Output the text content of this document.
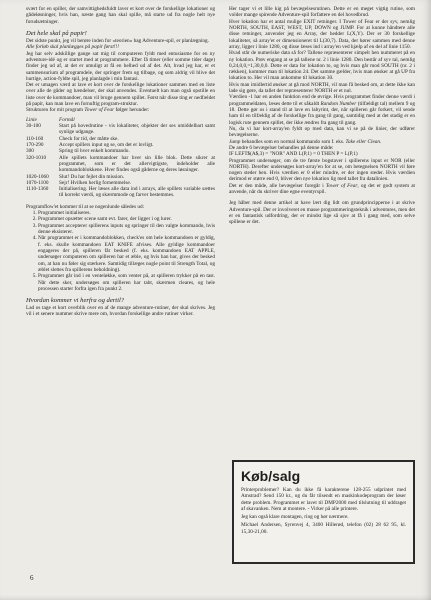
svært for en spiller, der samvittighedsfuldt laver et kort over de forskellige lokationer og gådeløsninger, hvis han, næste gang han skal spille, må starte ud fra nogle helt nye forudsætninger.

Det hele skal på papir!

Det sidste punkt, jeg vil berøre inden for »teorien« bag Adventure-spil, er planlægning.

Alle forløb skal planlægges på papir først!!!

Jeg har selv adskillige gange sat mig til computeren fyldt med entusiasme for en ny adventure-idé og er startet med at programmere. Efter få timer (eller somme tider dage) finder jeg ud af, at det er umuligt at få en helhed ud af det. Alt, hvad jeg har, er et sammensurium af programdele, der springer frem og tilbage, og som aldrig vil blive det hurtige, action-fyldte spil, jeg planlagde i min fantasi.

Det er umagen værd at lave et kort over de forskellige lokationer sammen med en liste over alle de gåder og hændelser, der skal anvendes. Eventuelt kan man også opstille en liste over de kommandoer, man vil bruge gennem spillet. Først når disse ting er nedfældet på papir, kan man lave en fornuftig program-struktur.

Strukturen for mit program Tower of Fear følger herunder:

Linie	Formål
30-100	Start på hovedrutine - vis lokaliteter, objekter der ses umiddelbart samt synlige udgange.
110-160	Check for tid, der måtte ske.
170-290	Accept spillers input og se, om det er lovligt.
300	Spring til hver enkelt kommando.
320-1010	Alle spillets kommandoer har hver sin lille blok. Dette sikrer at programmet, som er det allervigtigste, indeholder alle kommandoblokkene. Hver findes også gåderne og deres løsninger.
1020-1060	Slut! Du har fejlet din mission.
1070-1100	Sejr! Hvilken herlig fornemmelse.
1110-1360	Initialisering. Her læses alle data ind i arrays, alle spillets variable sættes til korrekt værdi, og skærmmode og farver bestemmes.

Programflow'et kommer til at se nogenlunde således ud:

1. Programmet initialiseres.
2. Programmet opsætter scene samt evt. farer, der ligger i og lurer.
3. Programmet accepterer spillerens inputs og springer til den valgte kommando, hvis denne eksisterer.
4. Når programmet er i kommandoblokken, check'es om hele kommandoen er gyldig, f. eks. skulle kommandoen EAT KNIFE afvises. Alle gyldige kommandoer engageres der på, spilleren får besked (f. eks. kommandoen EAT APPLE, undersøger computeren om spilleren har et æble, og hvis han har, gives der besked om, at han nu føler sig stærkere. Samtidig tillæges nogle point til Strength Total, og æblet slettes fra spillerens beholdning).
5. Programmet går ind i en venteløkke, som venter på, at spilleren trykker på en tast. Når dette sker, undersøges om spilleren har tabt, skærmen cleares, og hele processen starter forfra igen fra punkt 2.

Hvordan kommer vi herfra og dertil?

Lad os tage et kort overblik over en af de mange adventure-rutiner, der skal skrives. Jeg vil i et senere nummer skrive mere om, hvordan forskellige andre rutiner virker.

Her tager vi et lille kig på bevægelsesrutinen. Dette er en meget vigtig rutine, som volder mange spirende Adventure-spil forfattere en del hovedbrud.

Hver lokation har et antal mulige EXIT retninger. I Tower of Fear er der syv, nemlig NORTH, SOUTH, EAST, WEST, UP, DOWN og JUMP. For at kunne håndtere alle disse retninger, anvender jeg en Array, der hedder L(X,Y). Der er 30 forskellige lokaliteter, så array'et er dimensioneret til L(30,7). Data, der hører sammen med denne array, ligger i linie 1280, og disse læses ind i array'en ved hjælp af en del af linie 1150.

Hvad står de numeriske data så for? Tallene repræsenterer simpelt hen nummeret på en ny lokation. Prøv engang at se på tallene nr. 2 i linie 1280. Den består af syv tal, nemlig 0,24,0,0,=1,30,0,0. Dette er data for lokation to, og hvis man går mod SOUTH (nr. 2 i rækken), kommer man til lokation 24. Det samme gælder, hvis man ønsker at gå UP fra lokation to. Her vil man ankomme til lokation 30.

Hvis man imidlertid ønsker at gå mod NORTH, vil man få besked om, at dette ikke kan lade sig gøre, da tallet der repræsenterer NORTH er et nul.

Værdien -1 har en anden funktion end de øvrige. Hvis programmet finder denne værdi i programmeldaten, læses dette til et såkaldt Random Number (tilfældigt tal) mellem 9 og 18. Dette gør os i stand til at lave en labyrint, der, når spilleren går forkert, vil sende ham til en tilfældig af de forskellige fra gang til gang, samtidig med at det stadig er en logisk rute gennem spillet, der ikke ændres fra gang til gang.

Nu, da vi har kort-array'en fyldt op med data, kan vi se på de linier, der udfører bevægelserne.

Jump behandles som en normal kommando som f. eks. Take eller Clean.

De andre 6 bevægelser behandles på denne måde:

IF LEFT$(A$,3) = "NOR" AND L(P,1) = 0 THEN P = L(P,1)

Programmet undersøger, om de tre første bogstaver i spillerens input er NOR (eller NORTH). Derefter undersøges kort-array'en for at se, om betegnelsen NORTH vil føre nogen steder hen. Hvis værdien er 0 eller mindre, er der ingen steder. Hvis værdien derimod er større end 0, bliver den nye lokation lig med tallet fra datalinien.

Det er den måde, alle bevægelser foregår i Tower of Fear, og det er godt system at anvende, når du skriver dine egne eventyrspil.

Jeg håber med denne artikel at have lært dig lidt om grundprincipperne i at skrive Adventure-spil. Der er involveret en masse programmeringsteknik i adventures, men det er en fantastisk udfordring, der er mindst lige så sjov at få i gang med, som selve spillene er det.

Køb/salg

Printerproblemer? Kan du ikke få karakterene 128-255 udprintet med Amstrad? Send 150 kr., og du får tilsendt en maskinkodeprogram der løser dette problem. Programmet er lavet til DMP2000 med tilslutning til uddraget af skavanken. Nem at montere. - Virker på alle printere.

Jeg kan også klare montagen, ring og hør nærmere.

Michael Andersen, Syrenvej 4, 3400 Hillerød, telefon (02) 28 62 95, kl. 15,30-21,00.

6
